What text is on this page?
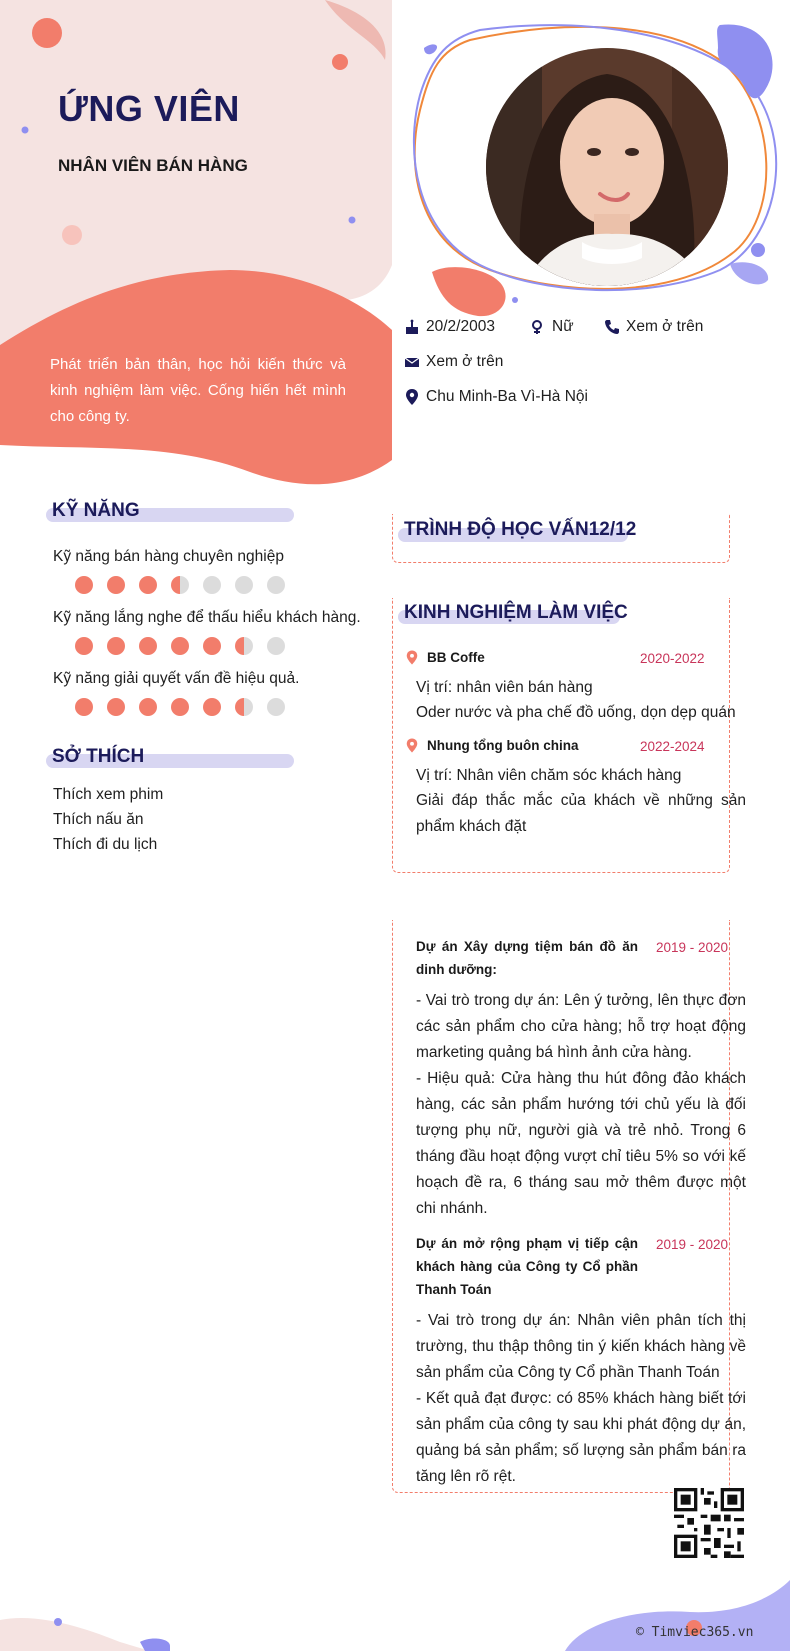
ỨNG VIÊN
NHÂN VIÊN BÁN HÀNG
Phát triển bản thân, học hỏi kiến thức và kinh nghiệm làm việc. Cống hiến hết mình cho công ty.
20/2/2003	Nữ	Xem ở trên
Xem ở trên
Chu Minh-Ba Vì-Hà Nội
KỸ NĂNG
Kỹ năng bán hàng chuyên nghiệp
Kỹ năng lắng nghe để thấu hiểu khách hàng.
Kỹ năng giải quyết vấn đề hiệu quả.
SỞ THÍCH
Thích xem phim
Thích nấu ăn
Thích đi du lịch
TRÌNH ĐỘ HỌC VẤN12/12
KINH NGHIỆM LÀM VIỆC
BB Coffe	2020-2022
Vị trí: nhân viên bán hàng
Oder nước và pha chế đồ uống, dọn dẹp quán
Nhung tổng buôn china	2022-2024
Vị trí: Nhân viên chăm sóc khách hàng
Giải đáp thắc mắc của khách về những sản phẩm khách đặt
Dự án Xây dựng tiệm bán đồ ăn dinh dưỡng:
2019 - 2020
- Vai trò trong dự án: Lên ý tưởng, lên thực đơn các sản phẩm cho cửa hàng; hỗ trợ hoạt động marketing quảng bá hình ảnh cửa hàng.
- Hiệu quả: Cửa hàng thu hút đông đảo khách hàng, các sản phẩm hướng tới chủ yếu là đối tượng phụ nữ, người già và trẻ nhỏ. Trong 6 tháng đầu hoạt động vượt chỉ tiêu 5% so với kế hoạch đề ra, 6 tháng sau mở thêm được một chi nhánh.
Dự án mở rộng phạm vị tiếp cận khách hàng của Công ty Cổ phần Thanh Toán
2019 - 2020
- Vai trò trong dự án: Nhân viên phân tích thị trường, thu thập thông tin ý kiến khách hàng về sản phẩm của Công ty Cổ phần Thanh Toán
- Kết quả đạt được: có 85% khách hàng biết tới sản phẩm của công ty sau khi phát động dự án, quảng bá sản phẩm; số lượng sản phẩm bán ra tăng lên rõ rệt.
© Timviec365.vn
